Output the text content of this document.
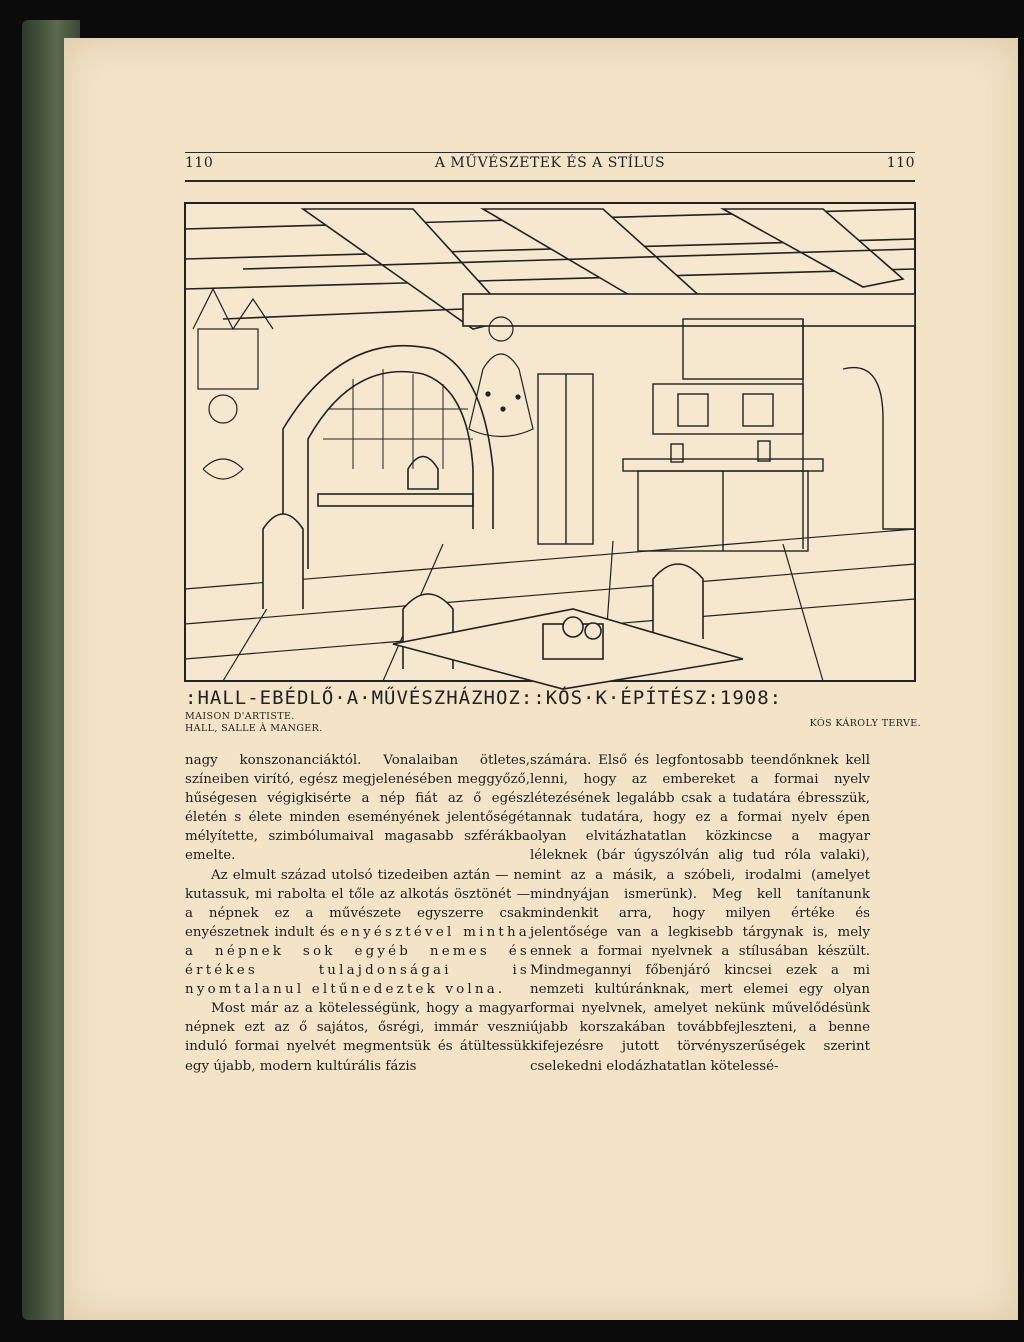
110	A MŰVÉSZETEK ÉS A STÍLUS	110
:HALL-EBÉDLŐ·A·MŰVÉSZHÁZHOZ::KÓS·K·ÉPÍTÉSZ:1908:
MAISON D'ARTISTE.
HALL, SALLE À MANGER.	KÓS KÁROLY TERVE.

nagy konszonanciáktól. Vonalaiban ötletes, színeiben virító, egész megjelenésében meggyőző, hűségesen végigkisérte a nép fiát az ő egész életén s élete minden eseményének jelentőségét mélyítette, szimbólumaival magasabb szférákba emelte.

Az elmult század utolsó tizedeiben aztán — ne kutassuk, mi rabolta el tőle az alkotás ösztönét — a népnek ez a művészete egyszerre csak enyészetnek indult és enyésztével mintha a népnek sok egyéb nemes és értékes tulajdonságai is nyomtalanul eltűnedeztek volna.

Most már az a kötelességünk, hogy a magyar népnek ezt az ő sajátos, ősrégi, immár veszni induló formai nyelvét megmentsük és átültessük egy újabb, modern kultúrális fázis

számára. Első és legfontosabb teendőnknek kell lenni, hogy az embereket a formai nyelv létezésének legalább csak a tudatára ébresszük, annak tudatára, hogy ez a formai nyelv épen olyan elvitázhatatlan közkincse a magyar léleknek (bár úgyszólván alig tud róla valaki), mint az a másik, a szóbeli, irodalmi (amelyet mindnyájan ismerünk). Meg kell tanítanunk mindenkit arra, hogy milyen értéke és jelentősége van a legkisebb tárgynak is, mely ennek a formai nyelvnek a stílusában készült. Mindmegannyi főbenjáró kincsei ezek a mi nemzeti kultúránknak, mert elemei egy olyan formai nyelvnek, amelyet nekünk művelődésünk újabb korszakában továbbfejleszteni, a benne kifejezésre jutott törvényszerűségek szerint cselekedni elodázhatatlan kötelessé-
